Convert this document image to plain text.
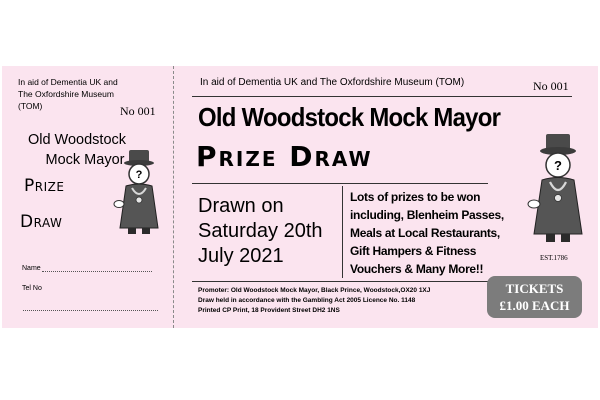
In aid of Dementia UK and
The Oxfordshire Museum
(TOM)	No 001
Old Woodstock
Mock Mayor
Prize
Draw
?
Name
Tel No
In aid of Dementia UK and The Oxfordshire Museum (TOM)	No 001
Old Woodstock Mock Mayor
Prize Draw
Drawn on
Saturday 20th
July 2021
Lots of prizes to be won
including, Blenheim Passes,
Meals at Local Restaurants,
Gift Hampers & Fitness
Vouchers & Many More!!
Promoter: Old Woodstock Mock Mayor, Black Prince, Woodstock,OX20 1XJ
Draw held in accordance with the Gambling Act 2005 Licence No. 1148
Printed CP Print, 18 Provident Street DH2 1NS
?
EST.1786
TICKETS
£1.00 EACH
